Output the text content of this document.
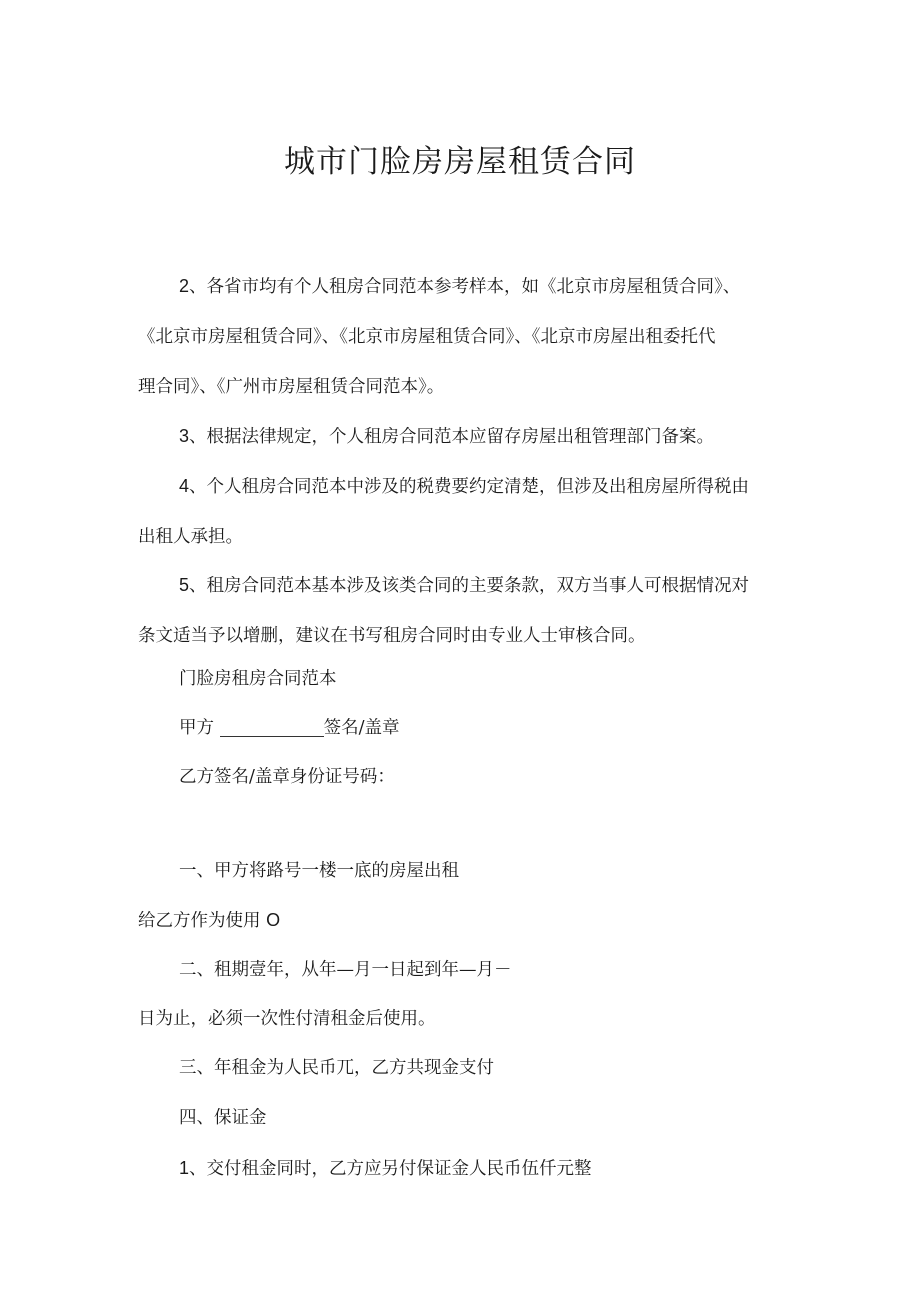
城市门脸房房屋租赁合同
2、各省市均有个人租房合同范本参考样本，如《北京市房屋租赁合同》、
《北京市房屋租赁合同》、《北京市房屋租赁合同》、《北京市房屋出租委托代
理合同》、《广州市房屋租赁合同范本》。
3、根据法律规定，个人租房合同范本应留存房屋出租管理部门备案。
4、个人租房合同范本中涉及的税费要约定清楚，但涉及出租房屋所得税由
出租人承担。
5、租房合同范本基本涉及该类合同的主要条款，双方当事人可根据情况对
条文适当予以增删，建议在书写租房合同时由专业人士审核合同。
门脸房租房合同范本
甲方	签名/盖章
乙方签名/盖章身份证号码：
一、甲方将路号一楼一底的房屋出租
给乙方作为使用 O
二、租期壹年，从年—月一日起到年—月－
日为止，必须一次性付清租金后使用。
三、年租金为人民币兀，乙方共现金支付
四、保证金
1、交付租金同时，乙方应另付保证金人民币伍仟元整
